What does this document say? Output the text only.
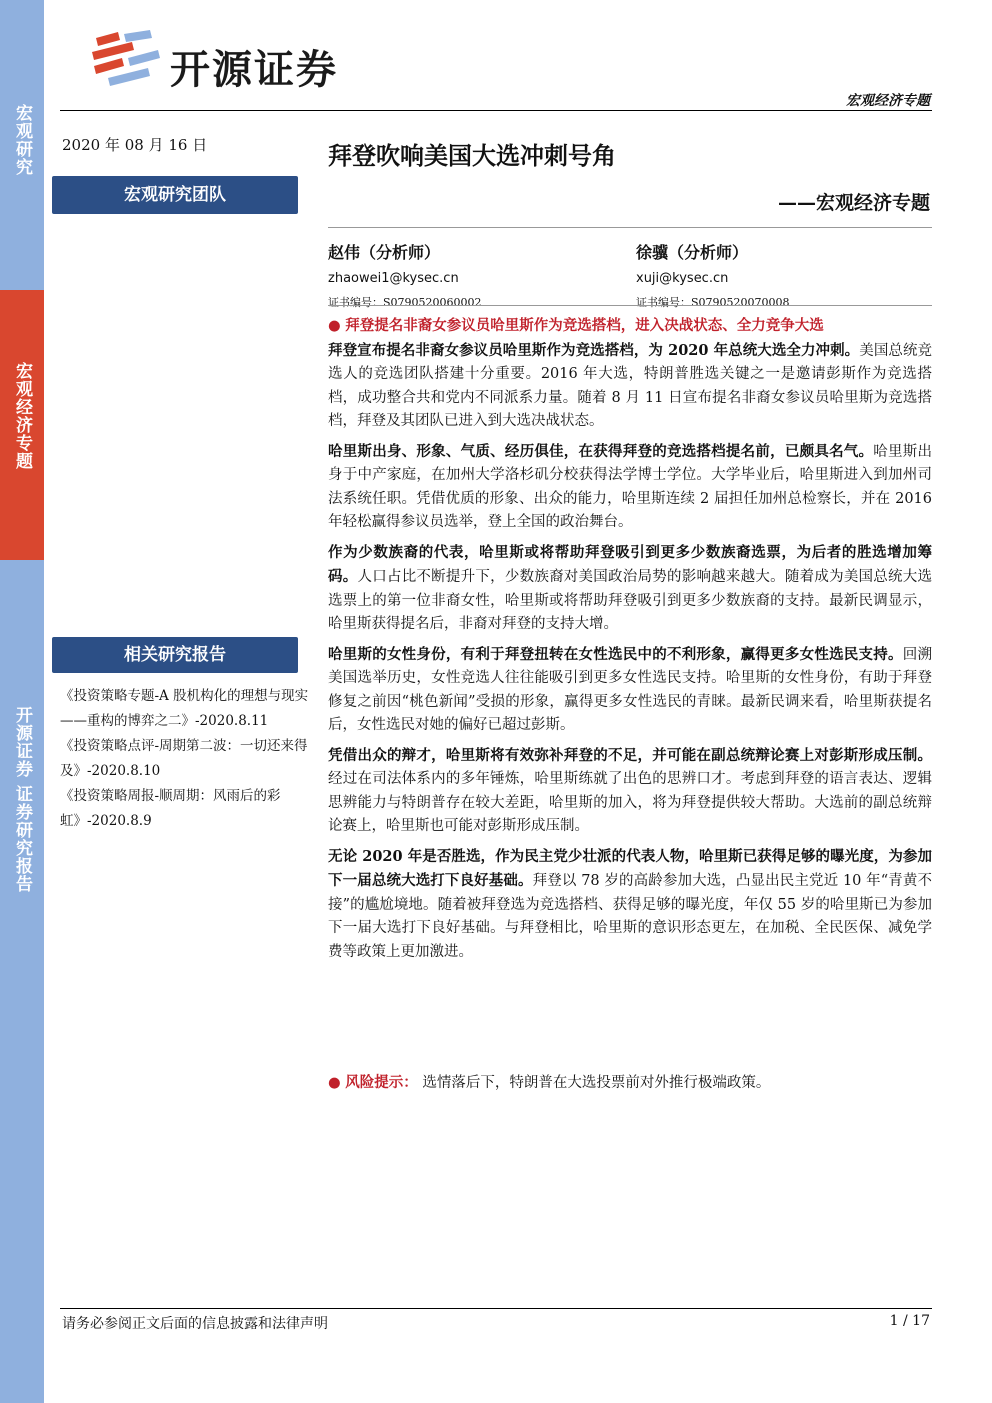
宏观研究
宏观经济专题
开源证券 证券研究报告
开源证券
宏观经济专题
2020 年 08 月 16 日
宏观研究团队
相关研究报告
《投资策略专题-A 股机构化的理想与现实——重构的博弈之二》-2020.8.11
《投资策略点评-周期第二波：一切还来得及》-2020.8.10
《投资策略周报-顺周期：风雨后的彩虹》-2020.8.9
拜登吹响美国大选冲刺号角
——宏观经济专题
赵伟（分析师）
zhaowei1@kysec.cn
证书编号：S0790520060002
徐骥（分析师）
xuji@kysec.cn
证书编号：S0790520070008
● 拜登提名非裔女参议员哈里斯作为竞选搭档，进入决战状态、全力竞争大选
拜登宣布提名非裔女参议员哈里斯作为竞选搭档，为 2020 年总统大选全力冲刺。美国总统竞选人的竞选团队搭建十分重要。2016 年大选，特朗普胜选关键之一是邀请彭斯作为竞选搭档，成功整合共和党内不同派系力量。随着 8 月 11 日宣布提名非裔女参议员哈里斯为竞选搭档，拜登及其团队已进入到大选决战状态。
哈里斯出身、形象、气质、经历俱佳，在获得拜登的竞选搭档提名前，已颇具名气。哈里斯出身于中产家庭，在加州大学洛杉矶分校获得法学博士学位。大学毕业后，哈里斯进入到加州司法系统任职。凭借优质的形象、出众的能力，哈里斯连续 2 届担任加州总检察长，并在 2016 年轻松赢得参议员选举，登上全国的政治舞台。
作为少数族裔的代表，哈里斯或将帮助拜登吸引到更多少数族裔选票，为后者的胜选增加筹码。人口占比不断提升下，少数族裔对美国政治局势的影响越来越大。随着成为美国总统大选选票上的第一位非裔女性，哈里斯或将帮助拜登吸引到更多少数族裔的支持。最新民调显示，哈里斯获得提名后，非裔对拜登的支持大增。
哈里斯的女性身份，有利于拜登扭转在女性选民中的不利形象，赢得更多女性选民支持。回溯美国选举历史，女性竞选人往往能吸引到更多女性选民支持。哈里斯的女性身份，有助于拜登修复之前因“桃色新闻”受损的形象，赢得更多女性选民的青睐。最新民调来看，哈里斯获提名后，女性选民对她的偏好已超过彭斯。
凭借出众的辩才，哈里斯将有效弥补拜登的不足，并可能在副总统辩论赛上对彭斯形成压制。经过在司法体系内的多年锤炼，哈里斯练就了出色的思辨口才。考虑到拜登的语言表达、逻辑思辨能力与特朗普存在较大差距，哈里斯的加入，将为拜登提供较大帮助。大选前的副总统辩论赛上，哈里斯也可能对彭斯形成压制。
无论 2020 年是否胜选，作为民主党少壮派的代表人物，哈里斯已获得足够的曝光度，为参加下一届总统大选打下良好基础。拜登以 78 岁的高龄参加大选，凸显出民主党近 10 年“青黄不接”的尴尬境地。随着被拜登选为竞选搭档、获得足够的曝光度，年仅 55 岁的哈里斯已为参加下一届大选打下良好基础。与拜登相比，哈里斯的意识形态更左，在加税、全民医保、减免学费等政策上更加激进。
● 风险提示： 选情落后下，特朗普在大选投票前对外推行极端政策。
请务必参阅正文后面的信息披露和法律声明	1 / 17
